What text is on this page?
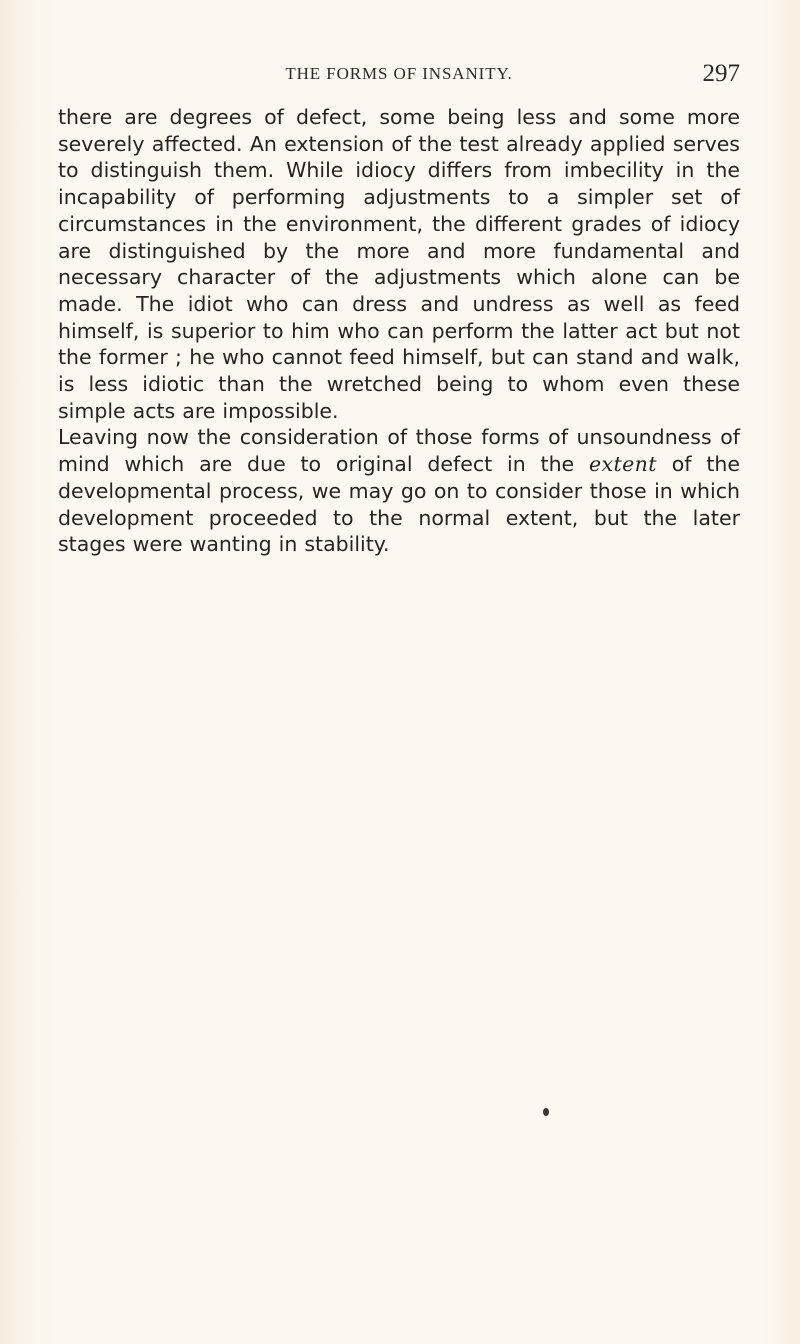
THE FORMS OF INSANITY.	297

there are degrees of defect, some being less and some more severely affected. An extension of the test already applied serves to distinguish them. While idiocy differs from imbecility in the incapability of performing adjustments to a simpler set of circumstances in the environment, the different grades of idiocy are distinguished by the more and more fundamental and necessary character of the adjustments which alone can be made. The idiot who can dress and undress as well as feed himself, is superior to him who can perform the latter act but not the former ; he who cannot feed himself, but can stand and walk, is less idiotic than the wretched being to whom even these simple acts are impossible.

Leaving now the consideration of those forms of unsoundness of mind which are due to original defect in the extent of the developmental process, we may go on to consider those in which development proceeded to the normal extent, but the later stages were wanting in stability.
